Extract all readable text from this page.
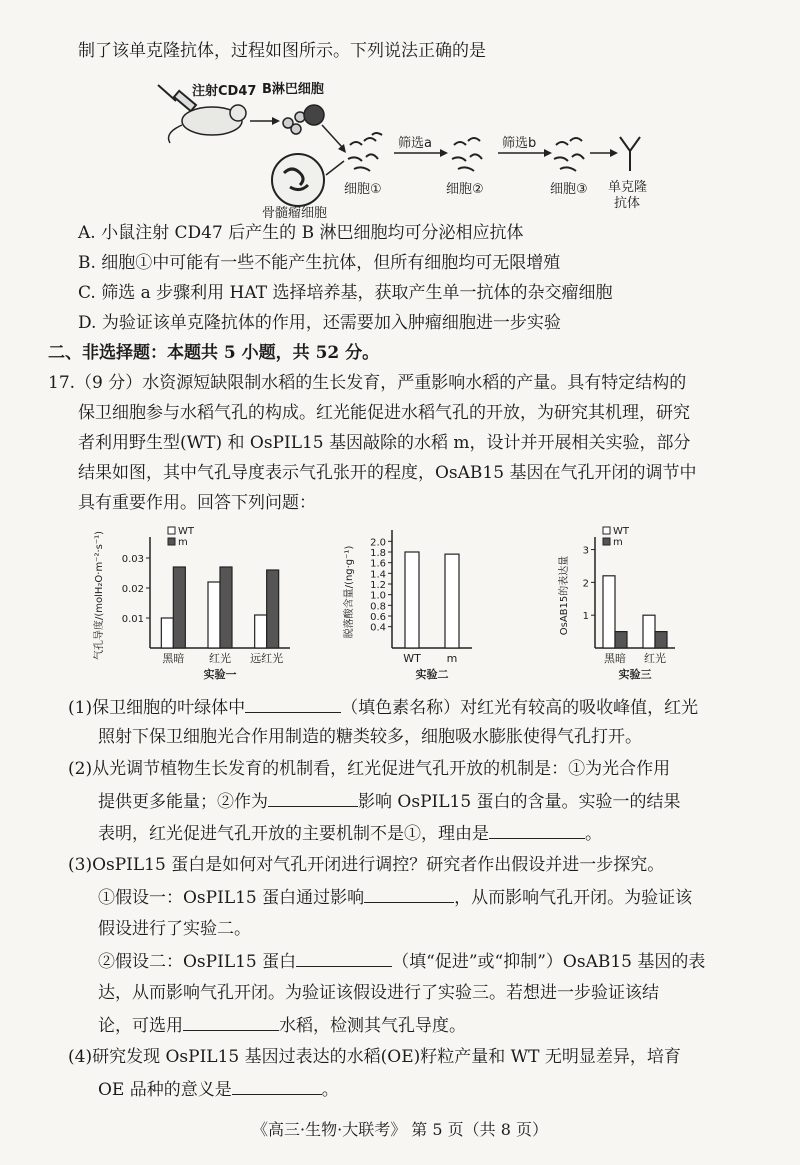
制了该单克隆抗体，过程如图所示。下列说法正确的是
注射CD47 B淋巴细胞
骨髓瘤细胞
细胞①
筛选a
细胞②
筛选b
细胞③ 单克隆
抗体
A. 小鼠注射 CD47 后产生的 B 淋巴细胞均可分泌相应抗体
B. 细胞①中可能有一些不能产生抗体，但所有细胞均可无限增殖
C. 筛选 a 步骤利用 HAT 选择培养基，获取产生单一抗体的杂交瘤细胞
D. 为验证该单克隆抗体的作用，还需要加入肿瘤细胞进一步实验
二、非选择题：本题共 5 小题，共 52 分。
17.（9 分）水资源短缺限制水稻的生长发育，严重影响水稻的产量。具有特定结构的
保卫细胞参与水稻气孔的构成。红光能促进水稻气孔的开放，为研究其机理，研究
者利用野生型(WT) 和 OsPIL15 基因敲除的水稻 m，设计并开展相关实验，部分
结果如图，其中气孔导度表示气孔张开的程度，OsAB15 基因在气孔开闭的调节中
具有重要作用。回答下列问题：
0.01
0.02
0.03
气孔导度/(molH₂O·m⁻²·s⁻¹)	黑暗 红光 远红光
实验一
WT
m
0.4
0.6
0.8
1.0
1.2
1.4
1.6
1.8
2.0
脱落酸含量/(ng·g⁻¹)
WT m
实验二
1
2
3
OsAB15的表达量
黑暗 红光
实验三
WT
m
(1)保卫细胞的叶绿体中	（填色素名称）对红光有较高的吸收峰值，红光
照射下保卫细胞光合作用制造的糖类较多，细胞吸水膨胀使得气孔打开。
(2)从光调节植物生长发育的机制看，红光促进气孔开放的机制是：①为光合作用
提供更多能量；②作为	影响 OsPIL15 蛋白的含量。实验一的结果
表明，红光促进气孔开放的主要机制不是①，理由是	。
(3)OsPIL15 蛋白是如何对气孔开闭进行调控？研究者作出假设并进一步探究。
①假设一：OsPIL15 蛋白通过影响	，从而影响气孔开闭。为验证该
假设进行了实验二。
②假设二：OsPIL15 蛋白	（填“促进”或“抑制”）OsAB15 基因的表
达，从而影响气孔开闭。为验证该假设进行了实验三。若想进一步验证该结
论，可选用	水稻，检测其气孔导度。
(4)研究发现 OsPIL15 基因过表达的水稻(OE)籽粒产量和 WT 无明显差异，培育
OE 品种的意义是	。
《高三·生物·大联考》 第 5 页（共 8 页）
